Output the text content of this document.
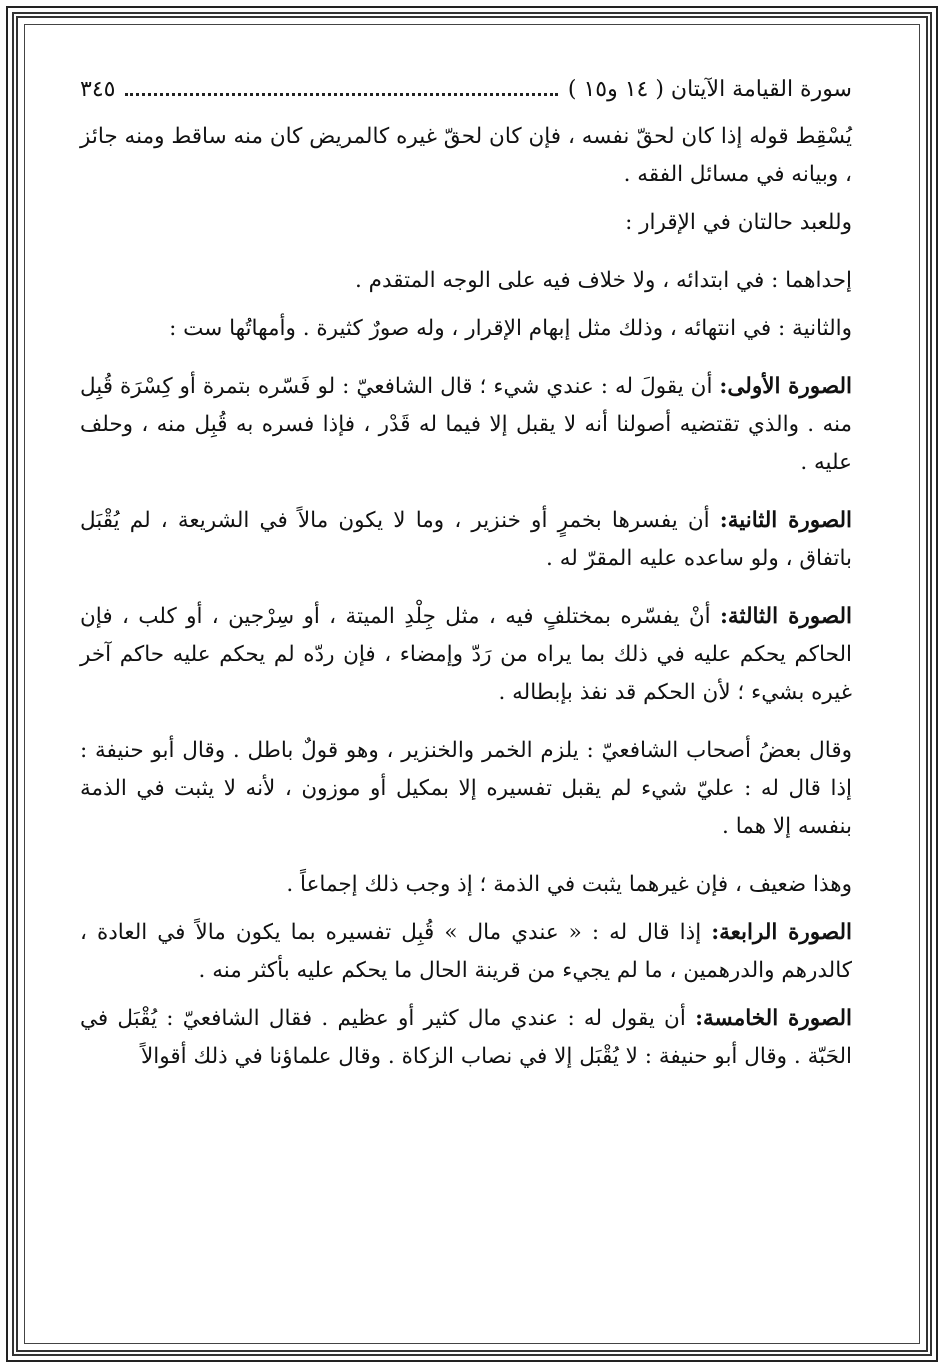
سورة القيامة الآيتان ( ١٤ و١٥ )
٣٤٥

يُسْقِط قوله إذا كان لحقّ نفسه ، فإن كان لحقّ غيره كالمريض كان منه ساقط ومنه جائز ، وبيانه في مسائل الفقه .

وللعبد حالتان في الإقرار :

إحداهما : في ابتدائه ، ولا خلاف فيه على الوجه المتقدم .

والثانية : في انتهائه ، وذلك مثل إبهام الإقرار ، وله صورٌ كثيرة . وأمهاتُها ست :

الصورة الأولى: أن يقولَ له : عندي شيء ؛ قال الشافعيّ : لو فَسّره بتمرة أو كِسْرَة قُبِل منه . والذي تقتضيه أصولنا أنه لا يقبل إلا فيما له قَدْر ، فإذا فسره به قُبِل منه ، وحلف عليه .

الصورة الثانية: أن يفسرها بخمرٍ أو خنزير ، وما لا يكون مالاً في الشريعة ، لم يُقْبَل باتفاق ، ولو ساعده عليه المقرّ له .

الصورة الثالثة: أنْ يفسّره بمختلفٍ فيه ، مثل جِلْدِ الميتة ، أو سِرْجين ، أو كلب ، فإن الحاكم يحكم عليه في ذلك بما يراه من رَدّ وإمضاء ، فإن ردّه لم يحكم عليه حاكم آخر غيره بشيء ؛ لأن الحكم قد نفذ بإبطاله .

وقال بعضُ أصحاب الشافعيّ : يلزم الخمر والخنزير ، وهو قولٌ باطل . وقال أبو حنيفة : إذا قال له : عليّ شيء لم يقبل تفسيره إلا بمكيل أو موزون ، لأنه لا يثبت في الذمة بنفسه إلا هما .

وهذا ضعيف ، فإن غيرهما يثبت في الذمة ؛ إذ وجب ذلك إجماعاً .

الصورة الرابعة: إذا قال له : « عندي مال » قُبِل تفسيره بما يكون مالاً في العادة ، كالدرهم والدرهمين ، ما لم يجيء من قرينة الحال ما يحكم عليه بأكثر منه .

الصورة الخامسة: أن يقول له : عندي مال كثير أو عظيم . فقال الشافعيّ : يُقْبَل في الحَبّة . وقال أبو حنيفة : لا يُقْبَل إلا في نصاب الزكاة . وقال علماؤنا في ذلك أقوالاً
